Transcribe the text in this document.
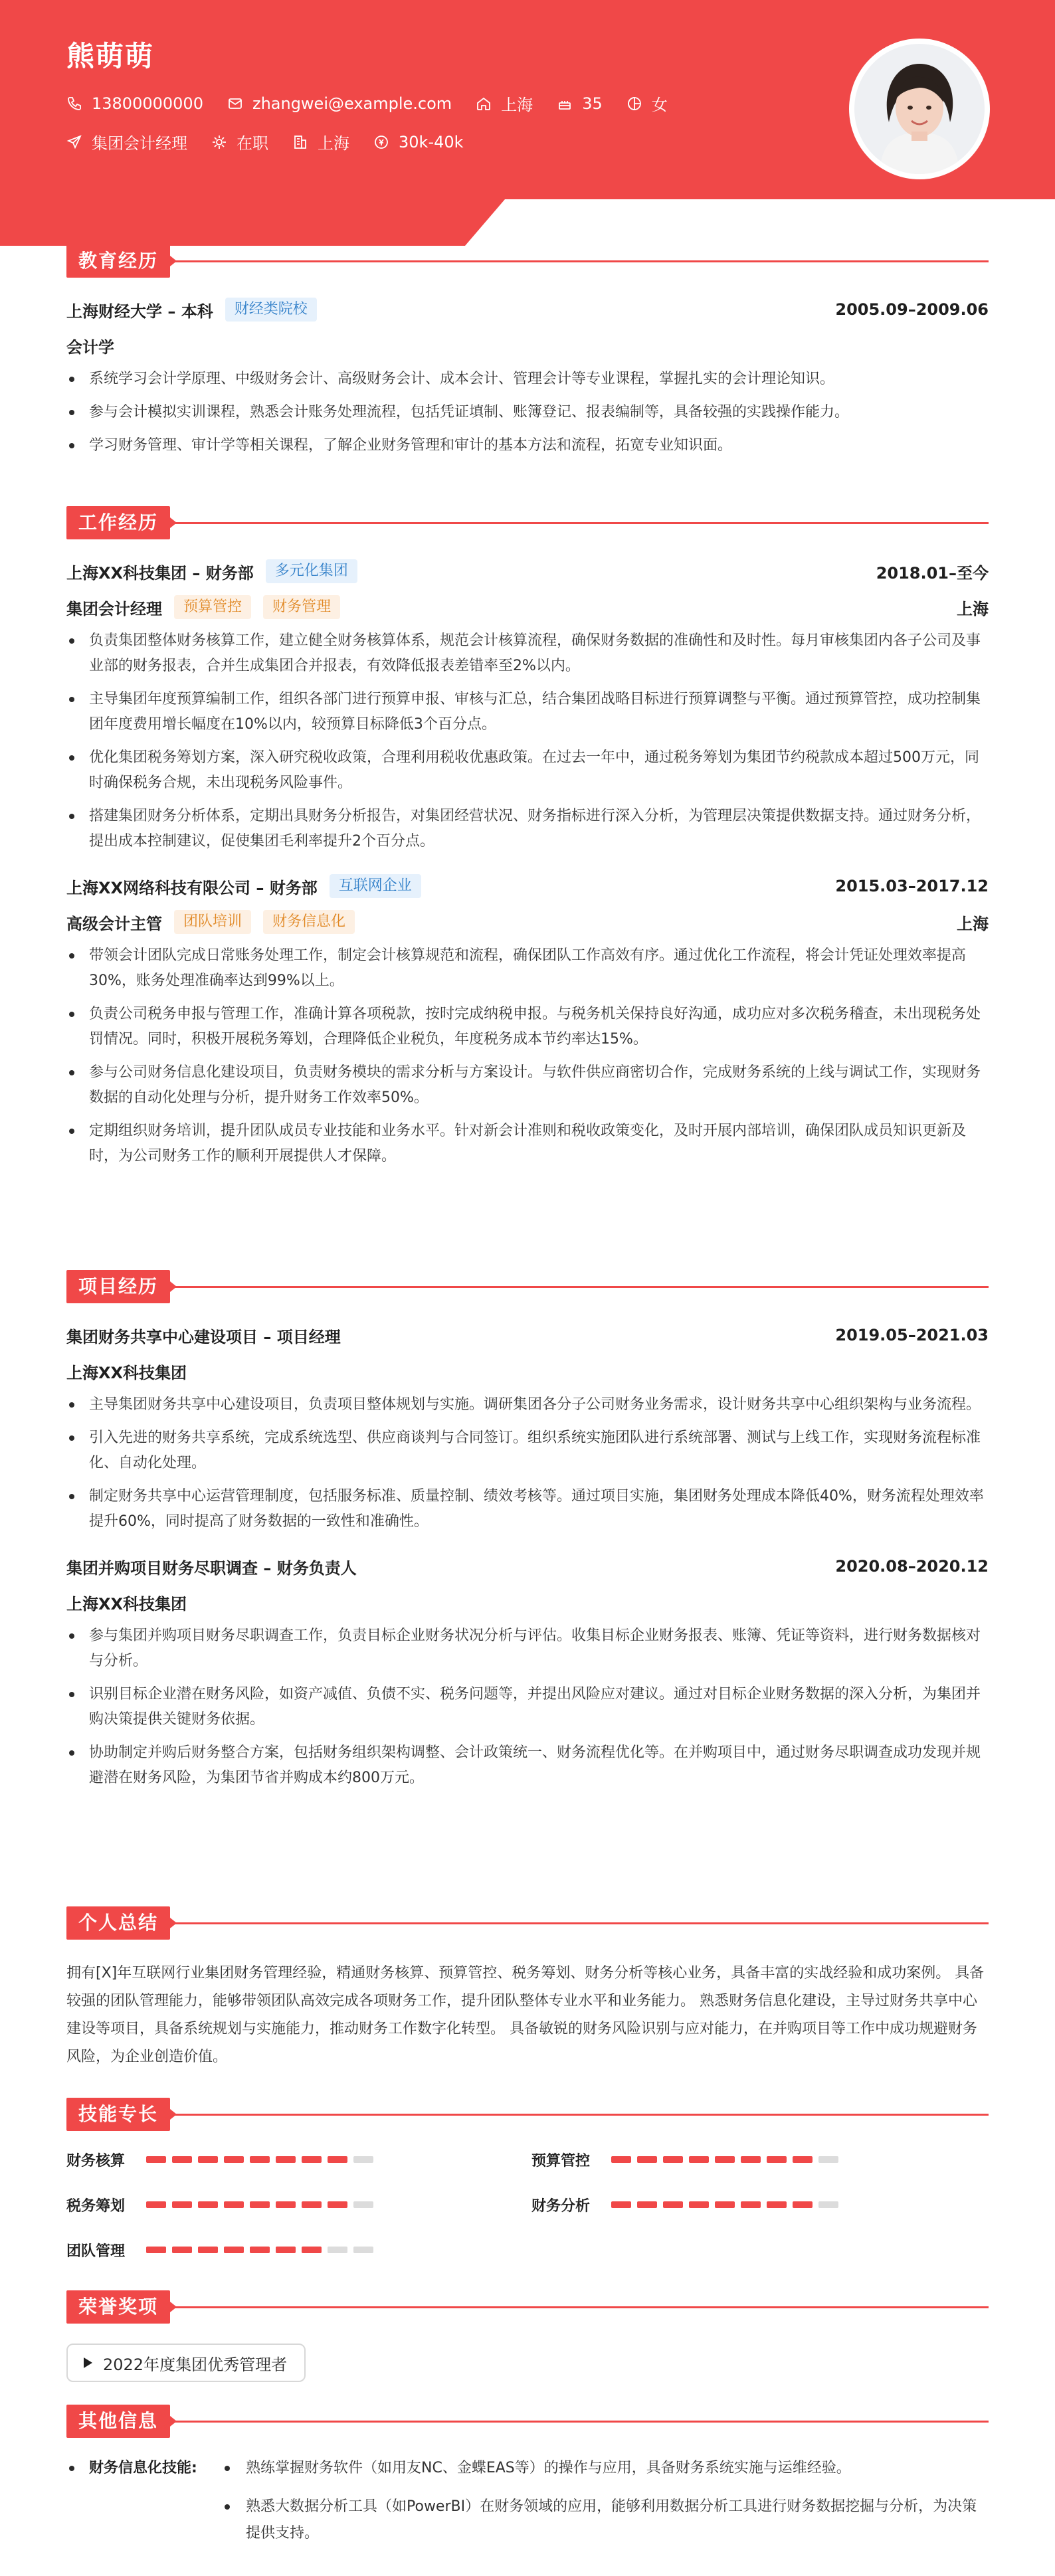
熊萌萌
13800000000	zhangwei@example.com	上海	35	女
集团会计经理	在职	上海	30k-40k
教育经历
上海财经大学 – 本科	财经类院校	2005.09–2009.06
会计学
系统学习会计学原理、中级财务会计、高级财务会计、成本会计、管理会计等专业课程，掌握扎实的会计理论知识。
参与会计模拟实训课程，熟悉会计账务处理流程，包括凭证填制、账簿登记、报表编制等，具备较强的实践操作能力。
学习财务管理、审计学等相关课程，了解企业财务管理和审计的基本方法和流程，拓宽专业知识面。
工作经历
上海XX科技集团 – 财务部	多元化集团	2018.01–至今
集团会计经理	预算管控	财务管理	上海
负责集团整体财务核算工作，建立健全财务核算体系，规范会计核算流程，确保财务数据的准确性和及时性。每月审核集团内各子公司及事业部的财务报表，合并生成集团合并报表，有效降低报表差错率至2%以内。
主导集团年度预算编制工作，组织各部门进行预算申报、审核与汇总，结合集团战略目标进行预算调整与平衡。通过预算管控，成功控制集团年度费用增长幅度在10%以内，较预算目标降低3个百分点。
优化集团税务筹划方案，深入研究税收政策，合理利用税收优惠政策。在过去一年中，通过税务筹划为集团节约税款成本超过500万元，同时确保税务合规，未出现税务风险事件。
搭建集团财务分析体系，定期出具财务分析报告，对集团经营状况、财务指标进行深入分析，为管理层决策提供数据支持。通过财务分析，提出成本控制建议，促使集团毛利率提升2个百分点。
上海XX网络科技有限公司 – 财务部	互联网企业	2015.03–2017.12
高级会计主管	团队培训	财务信息化	上海
带领会计团队完成日常账务处理工作，制定会计核算规范和流程，确保团队工作高效有序。通过优化工作流程，将会计凭证处理效率提高30%，账务处理准确率达到99%以上。
负责公司税务申报与管理工作，准确计算各项税款，按时完成纳税申报。与税务机关保持良好沟通，成功应对多次税务稽查，未出现税务处罚情况。同时，积极开展税务筹划，合理降低企业税负，年度税务成本节约率达15%。
参与公司财务信息化建设项目，负责财务模块的需求分析与方案设计。与软件供应商密切合作，完成财务系统的上线与调试工作，实现财务数据的自动化处理与分析，提升财务工作效率50%。
定期组织财务培训，提升团队成员专业技能和业务水平。针对新会计准则和税收政策变化，及时开展内部培训，确保团队成员知识更新及时，为公司财务工作的顺利开展提供人才保障。
项目经历
集团财务共享中心建设项目 – 项目经理	2019.05–2021.03
上海XX科技集团
主导集团财务共享中心建设项目，负责项目整体规划与实施。调研集团各分子公司财务业务需求，设计财务共享中心组织架构与业务流程。
引入先进的财务共享系统，完成系统选型、供应商谈判与合同签订。组织系统实施团队进行系统部署、测试与上线工作，实现财务流程标准化、自动化处理。
制定财务共享中心运营管理制度，包括服务标准、质量控制、绩效考核等。通过项目实施，集团财务处理成本降低40%，财务流程处理效率提升60%，同时提高了财务数据的一致性和准确性。
集团并购项目财务尽职调查 – 财务负责人	2020.08–2020.12
上海XX科技集团
参与集团并购项目财务尽职调查工作，负责目标企业财务状况分析与评估。收集目标企业财务报表、账簿、凭证等资料，进行财务数据核对与分析。
识别目标企业潜在财务风险，如资产减值、负债不实、税务问题等，并提出风险应对建议。通过对目标企业财务数据的深入分析，为集团并购决策提供关键财务依据。
协助制定并购后财务整合方案，包括财务组织架构调整、会计政策统一、财务流程优化等。在并购项目中，通过财务尽职调查成功发现并规避潜在财务风险，为集团节省并购成本约800万元。
个人总结
拥有[X]年互联网行业集团财务管理经验，精通财务核算、预算管控、税务筹划、财务分析等核心业务，具备丰富的实战经验和成功案例。 具备较强的团队管理能力，能够带领团队高效完成各项财务工作，提升团队整体专业水平和业务能力。 熟悉财务信息化建设，主导过财务共享中心建设等项目，具备系统规划与实施能力，推动财务工作数字化转型。 具备敏锐的财务风险识别与应对能力，在并购项目等工作中成功规避财务风险，为企业创造价值。
技能专长
财务核算	预算管控
税务筹划	财务分析
团队管理
荣誉奖项
2022年度集团优秀管理者
其他信息
财务信息化技能:	熟练掌握财务软件（如用友NC、金蝶EAS等）的操作与应用，具备财务系统实施与运维经验。
熟悉大数据分析工具（如PowerBI）在财务领域的应用，能够利用数据分析工具进行财务数据挖掘与分析，为决策提供支持。
